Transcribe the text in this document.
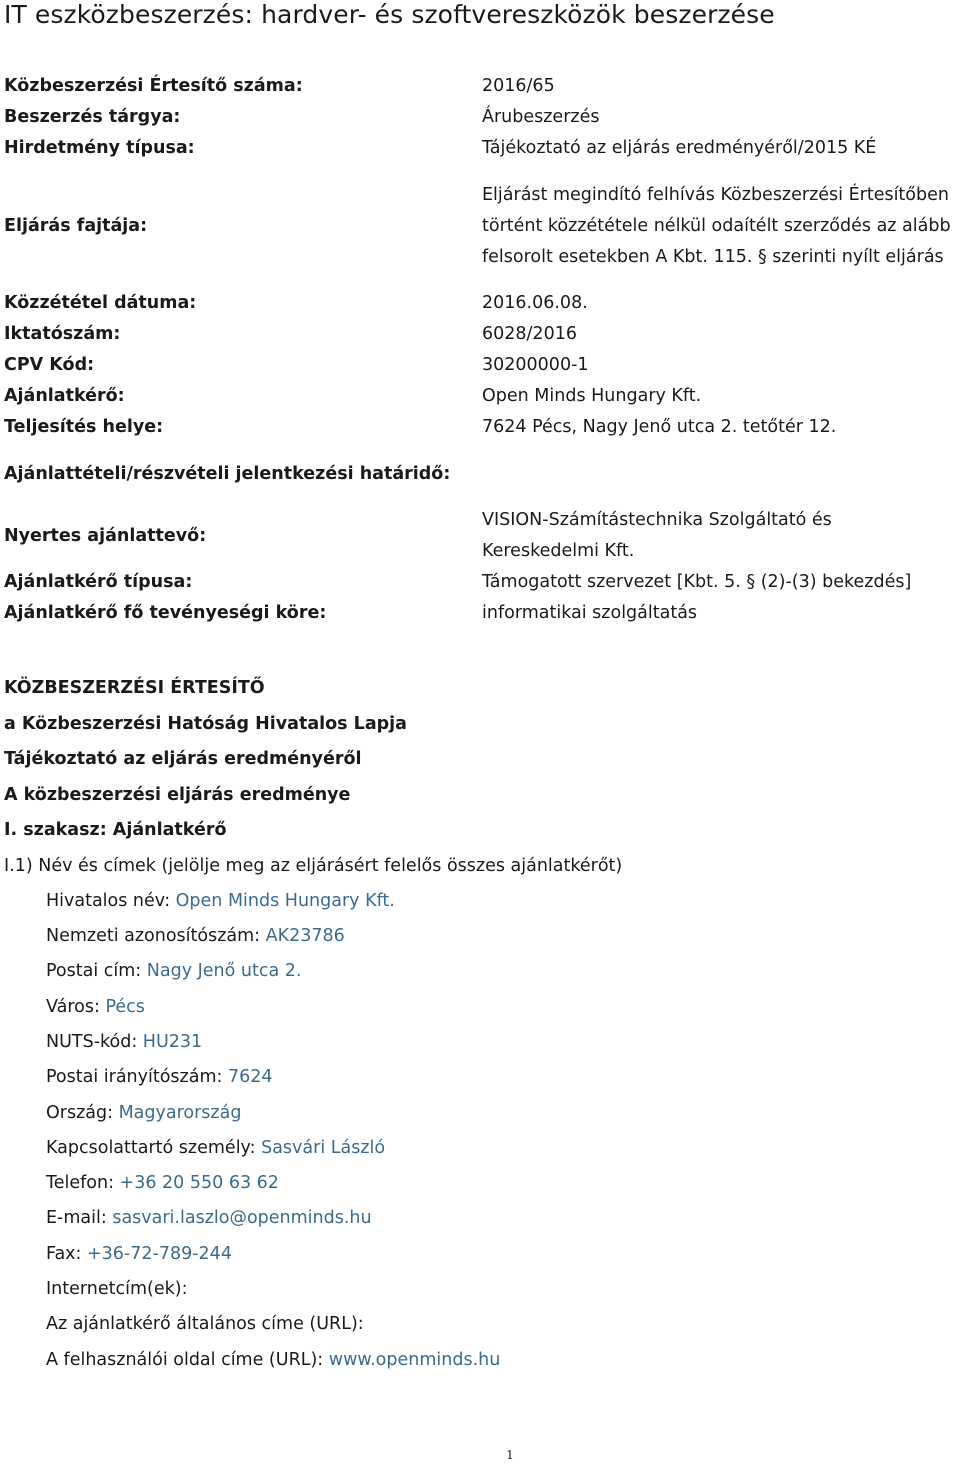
IT eszközbeszerzés: hardver- és szoftvereszközök beszerzése
Közbeszerzési Értesítő száma:	2016/65
Beszerzés tárgya:	Árubeszerzés
Hirdetmény típusa:	Tájékoztató az eljárás eredményéről/2015 KÉ
Eljárás fajtája:
Eljárást megindító felhívás Közbeszerzési Értesítőben történt közzététele nélkül odaítélt szerződés az alább felsorolt esetekben A Kbt. 115. § szerinti nyílt eljárás
Közzététel dátuma:	2016.06.08.
Iktatószám:	6028/2016
CPV Kód:	30200000-1
Ajánlatkérő:	Open Minds Hungary Kft.
Teljesítés helye:	7624 Pécs, Nagy Jenő utca 2. tetőtér 12.
Ajánlattételi/részvételi jelentkezési határidő:
Nyertes ajánlattevő:
VISION-Számítástechnika Szolgáltató és Kereskedelmi Kft.
Ajánlatkérő típusa:	Támogatott szervezet [Kbt. 5. § (2)-(3) bekezdés]
Ajánlatkérő fő tevényeségi köre:	informatikai szolgáltatás
KÖZBESZERZÉSI ÉRTESÍTŐ
a Közbeszerzési Hatóság Hivatalos Lapja
Tájékoztató az eljárás eredményéről
A közbeszerzési eljárás eredménye
I. szakasz: Ajánlatkérő
I.1) Név és címek (jelölje meg az eljárásért felelős összes ajánlatkérőt)
Hivatalos név: Open Minds Hungary Kft.
Nemzeti azonosítószám: AK23786
Postai cím: Nagy Jenő utca 2.
Város: Pécs
NUTS-kód: HU231
Postai irányítószám: 7624
Ország: Magyarország
Kapcsolattartó személy: Sasvári László
Telefon: +36 20 550 63 62
E-mail: sasvari.laszlo@openminds.hu
Fax: +36-72-789-244
Internetcím(ek):
Az ajánlatkérő általános címe (URL):
A felhasználói oldal címe (URL): www.openminds.hu
1
